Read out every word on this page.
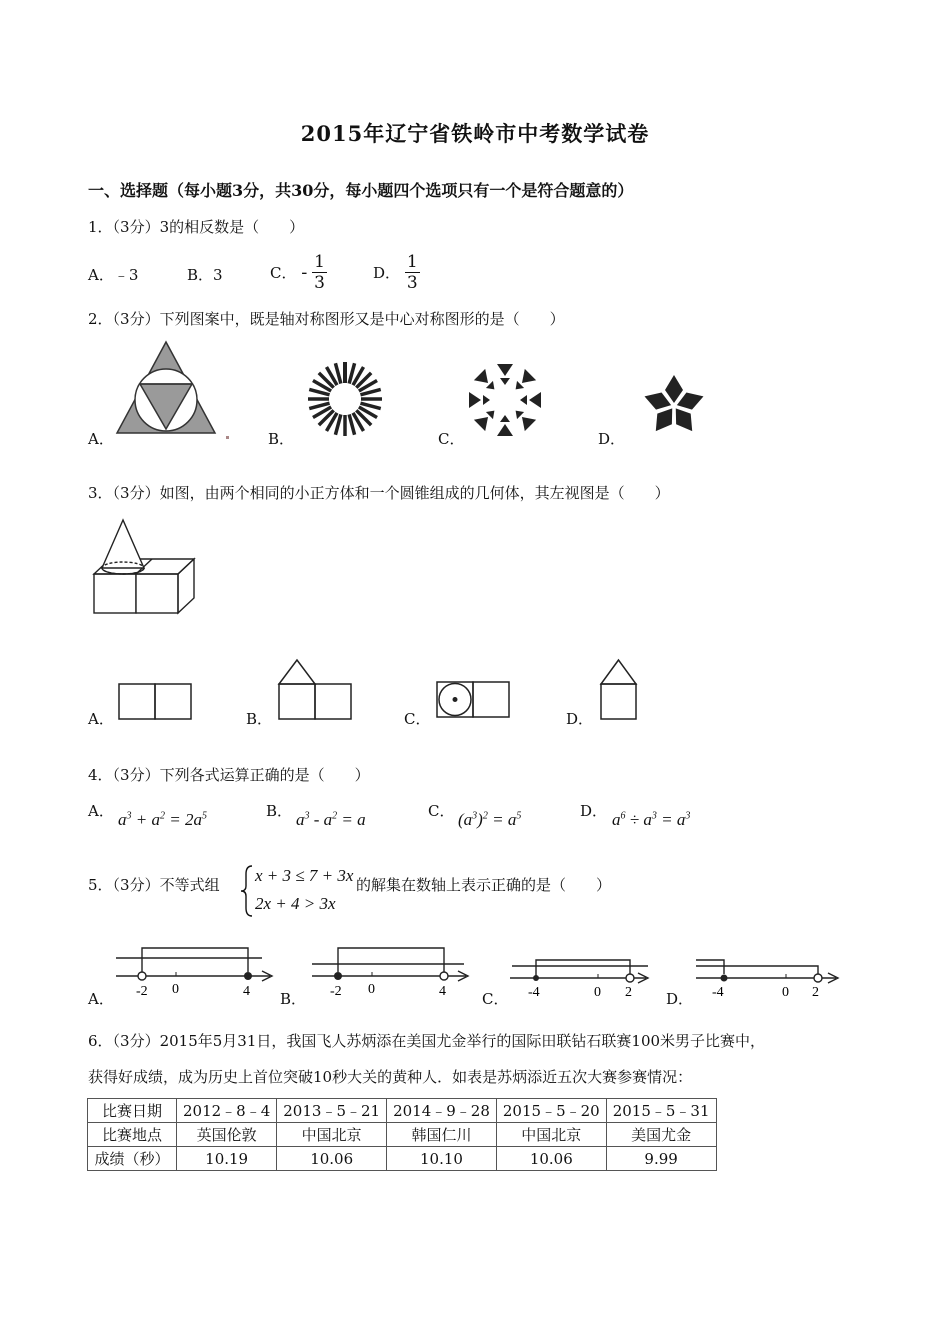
2015年辽宁省铁岭市中考数学试卷
一、选择题（每小题3分，共30分，每小题四个选项只有一个是符合题意的）
1．（3分）3的相反数是（　　）
A．﹣3	B．3	C． - $\frac{1}{3}$	D． $\frac{1}{3}$
2．（3分）下列图案中，既是轴对称图形又是中心对称图形的是（　　）
A．	B．	C．	D．
3．（3分）如图，由两个相同的小正方体和一个圆锥组成的几何体，其左视图是（　　）
A．	B．	C．	D．
4．（3分）下列各式运算正确的是（　　）
A． $a^3 + a^2 = 2a^5$	B． $a^3 - a^2 = a$	C． $(a^3)^2 = a^5$	D． $a^6 \div a^3 = a^3$
5．（3分）不等式组 x + 3 ≤ 7 + 3x
2x + 4 > 3x
的解集在数轴上表示正确的是（　　）
A． -2 0	4 B． -2 0	4 C． -4	0 2 D． -4	0 2
6．（3分）2015年5月31日，我国飞人苏炳添在美国尤金举行的国际田联钻石联赛100米男子比赛中，
获得好成绩，成为历史上首位突破10秒大关的黄种人．如表是苏炳添近五次大赛参赛情况：
比赛日期	2012﹣8﹣4	2013﹣5﹣21	2014﹣9﹣28	2015﹣5﹣20	2015﹣5﹣31
比赛地点	英国伦敦	中国北京	韩国仁川	中国北京	美国尤金
成绩（秒）	10.19	10.06	10.10	10.06	9.99
